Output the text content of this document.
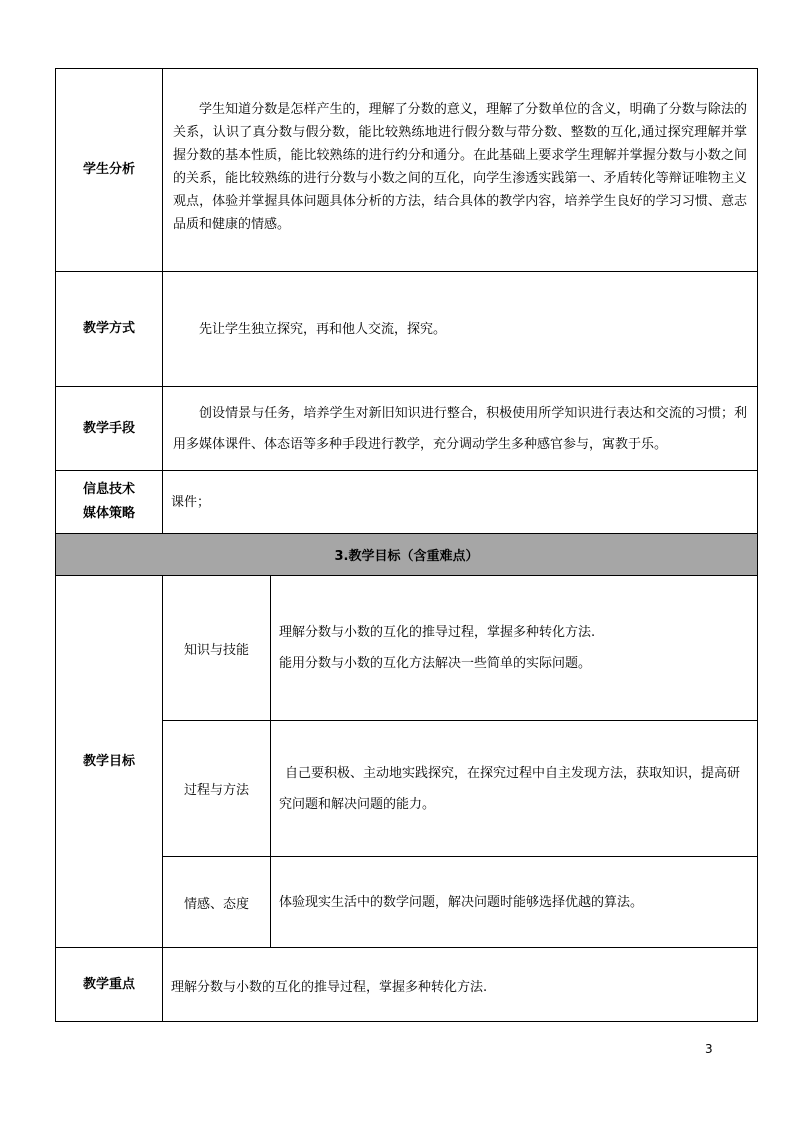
学生分析	学生知道分数是怎样产生的，理解了分数的意义，理解了分数单位的含义，明确了分数与除法的关系，认识了真分数与假分数，能比较熟练地进行假分数与带分数、整数的互化,通过探究理解并掌握分数的基本性质，能比较熟练的进行约分和通分。在此基础上要求学生理解并掌握分数与小数之间的关系，能比较熟练的进行分数与小数之间的互化，向学生渗透实践第一、矛盾转化等辩证唯物主义观点，体验并掌握具体问题具体分析的方法，结合具体的教学内容，培养学生良好的学习习惯、意志品质和健康的情感。	

教学方式	先让学生独立探究，再和他人交流，探究。	

教学手段	创设情景与任务，培养学生对新旧知识进行整合，积极使用所学知识进行表达和交流的习惯；利用多媒体课件、体态语等多种手段进行教学，充分调动学生多种感官参与，寓教于乐。	

信息技术
媒体策略	课件；	

3.教学目标（含重难点）		
教学目标	知识与技能	理解分数与小数的互化的推导过程，掌握多种转化方法.
能用分数与小数的互化方法解决一些简单的实际问题。

	过程与方法	自己要积极、主动地实践探究，在探究过程中自主发现方法，获取知识，提高研究问题和解决问题的能力。

	情感、态度	体验现实生活中的数学问题，解决问题时能够选择优越的算法。

教学重点	理解分数与小数的互化的推导过程，掌握多种转化方法.	
3
